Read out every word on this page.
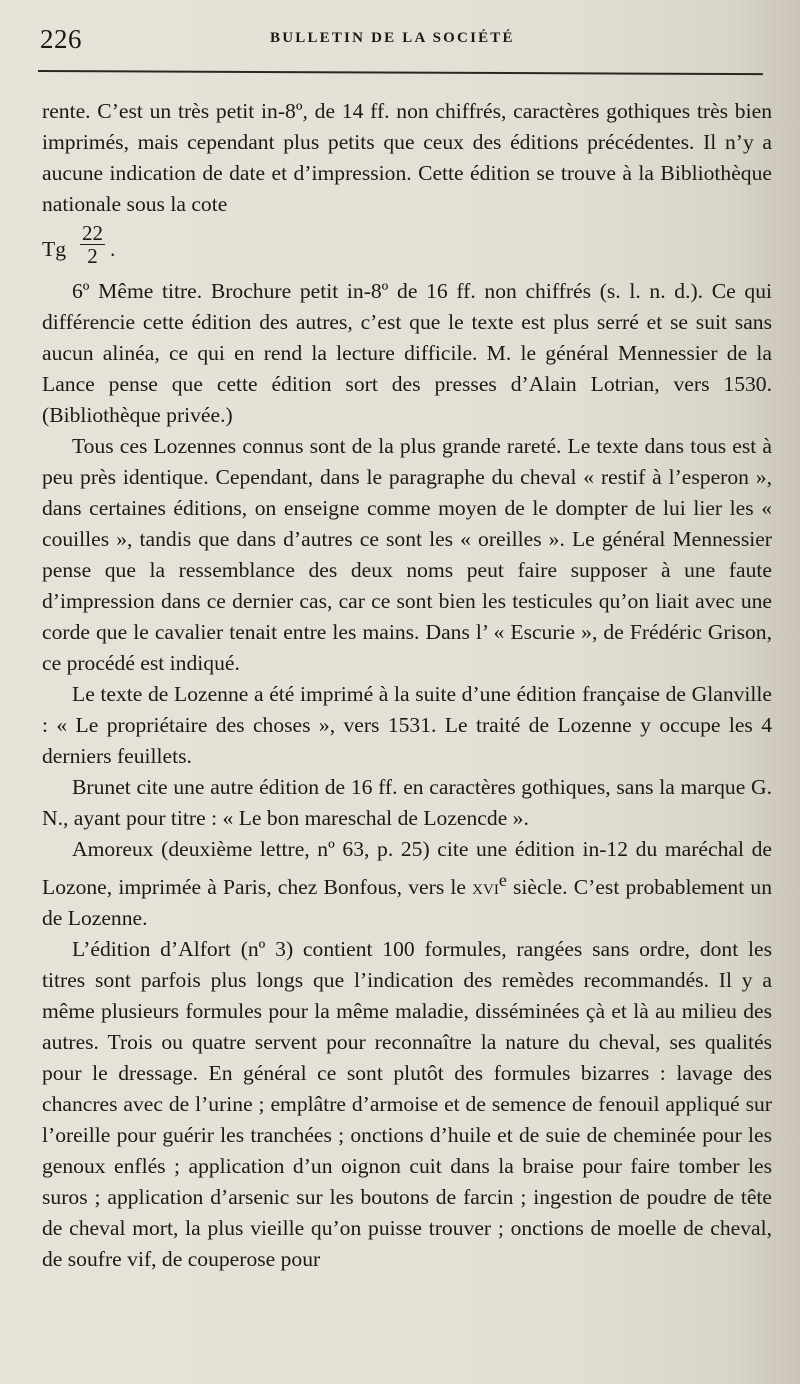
226	BULLETIN DE LA SOCIÉTÉ

rente. C’est un très petit in-8º, de 14 ff. non chiffrés, caractères gothiques très bien imprimés, mais cependant plus petits que ceux des éditions précédentes. Il n’y a aucune indication de date et d’impression. Cette édition se trouve à la Bibliothèque nationale sous la cote

Tg $\frac{22}{2}$ .

6º Même titre. Brochure petit in-8º de 16 ff. non chiffrés (s. l. n. d.). Ce qui différencie cette édition des autres, c’est que le texte est plus serré et se suit sans aucun alinéa, ce qui en rend la lecture difficile. M. le général Mennessier de la Lance pense que cette édition sort des presses d’Alain Lotrian, vers 1530. (Bibliothèque privée.)

Tous ces Lozennes connus sont de la plus grande rareté. Le texte dans tous est à peu près identique. Cependant, dans le paragraphe du cheval « restif à l’esperon », dans certaines éditions, on enseigne comme moyen de le dompter de lui lier les « couilles », tandis que dans d’autres ce sont les « oreilles ». Le général Mennessier pense que la ressemblance des deux noms peut faire supposer à une faute d’impression dans ce dernier cas, car ce sont bien les testicules qu’on liait avec une corde que le cavalier tenait entre les mains. Dans l’ « Escurie », de Frédéric Grison, ce procédé est indiqué.

Le texte de Lozenne a été imprimé à la suite d’une édition française de Glanville : « Le propriétaire des choses », vers 1531. Le traité de Lozenne y occupe les 4 derniers feuillets.

Brunet cite une autre édition de 16 ff. en caractères gothiques, sans la marque G. N., ayant pour titre : « Le bon mareschal de Lozencde ».

Amoreux (deuxième lettre, nº 63, p. 25) cite une édition in-12 du maréchal de Lozone, imprimée à Paris, chez Bonfous, vers le xvi$^e$ siècle. C’est probablement un de Lozenne.

L’édition d’Alfort (nº 3) contient 100 formules, rangées sans ordre, dont les titres sont parfois plus longs que l’indication des remèdes recommandés. Il y a même plusieurs formules pour la même maladie, disséminées çà et là au milieu des autres. Trois ou quatre servent pour reconnaître la nature du cheval, ses qualités pour le dressage. En général ce sont plutôt des formules bizarres : lavage des chancres avec de l’urine ; emplâtre d’armoise et de semence de fenouil appliqué sur l’oreille pour guérir les tranchées ; onctions d’huile et de suie de cheminée pour les genoux enflés ; application d’un oignon cuit dans la braise pour faire tomber les suros ; application d’arsenic sur les boutons de farcin ; ingestion de poudre de tête de cheval mort, la plus vieille qu’on puisse trouver ; onctions de moelle de cheval, de soufre vif, de couperose pour
